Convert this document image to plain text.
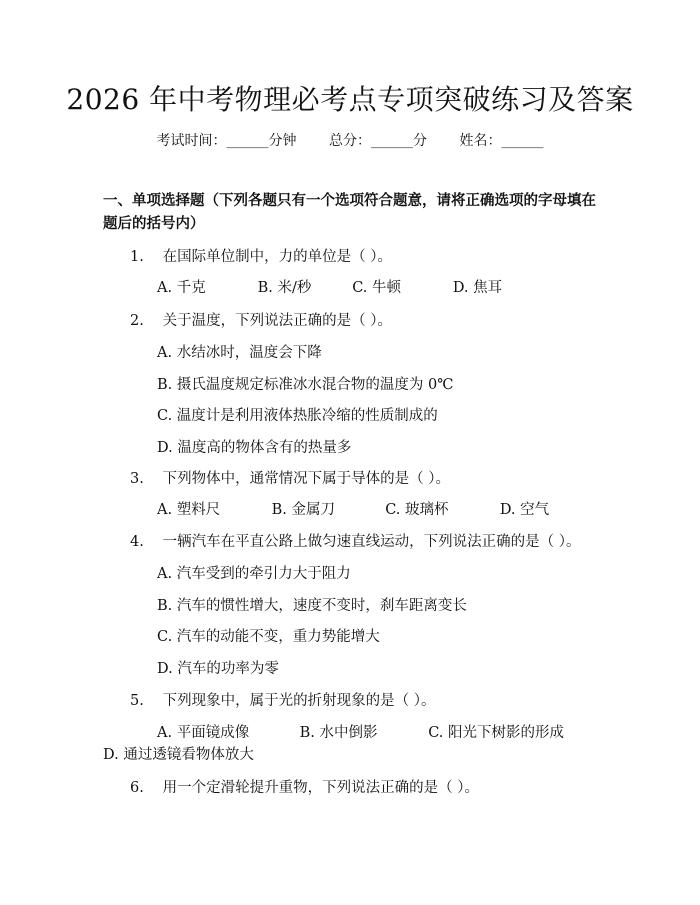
2026 年中考物理必考点专项突破练习及答案
考试时间：______分钟 总分：______分 姓名：______
一、单项选择题（下列各题只有一个选项符合题意，请将正确选项的字母填在题后的括号内）
1. 在国际单位制中，力的单位是（ ）。
A. 千克	B. 米/秒	C. 牛顿	D. 焦耳
2. 关于温度，下列说法正确的是（ ）。
A. 水结冰时，温度会下降
B. 摄氏温度规定标准冰水混合物的温度为 0℃
C. 温度计是利用液体热胀冷缩的性质制成的
D. 温度高的物体含有的热量多
3. 下列物体中，通常情况下属于导体的是（ ）。
A. 塑料尺	B. 金属刀	C. 玻璃杯	D. 空气
4. 一辆汽车在平直公路上做匀速直线运动，下列说法正确的是（ ）。
A. 汽车受到的牵引力大于阻力
B. 汽车的惯性增大，速度不变时，刹车距离变长
C. 汽车的动能不变，重力势能增大
D. 汽车的功率为零
5. 下列现象中，属于光的折射现象的是（ ）。
A. 平面镜成像	B. 水中倒影	C. 阳光下树影的形成
D. 通过透镜看物体放大
6. 用一个定滑轮提升重物，下列说法正确的是（ ）。
